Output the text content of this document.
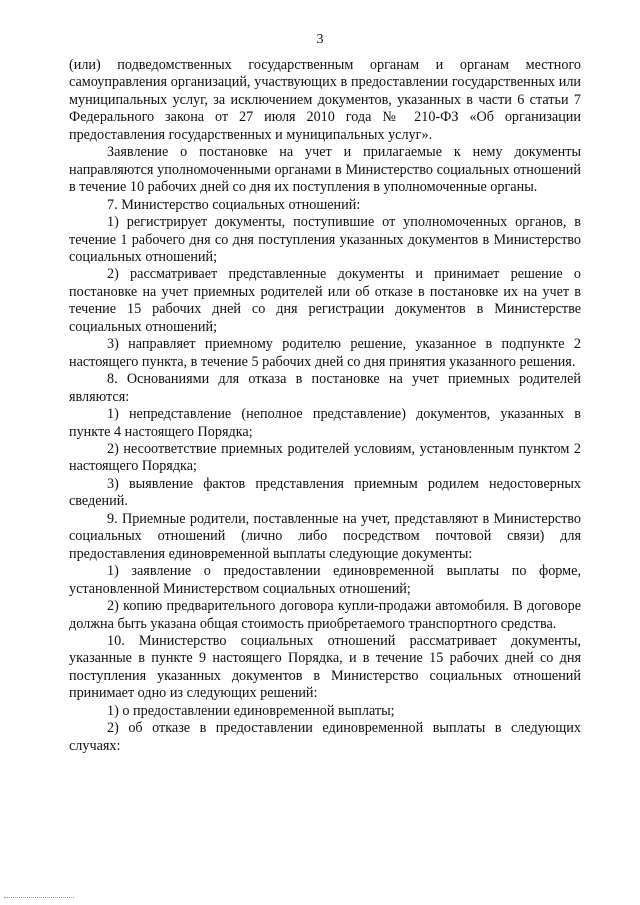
3

(или) подведомственных государственным органам и органам местного самоуправления организаций, участвующих в предоставлении государственных или муниципальных услуг, за исключением документов, указанных в части 6 статьи 7 Федерального закона от 27 июля 2010 года № 210-ФЗ «Об организации предоставления государственных и муниципальных услуг».

Заявление о постановке на учет и прилагаемые к нему документы направляются уполномоченными органами в Министерство социальных отношений в течение 10 рабочих дней со дня их поступления в уполномоченные органы.

7. Министерство социальных отношений:

1) регистрирует документы, поступившие от уполномоченных органов, в течение 1 рабочего дня со дня поступления указанных документов в Министерство социальных отношений;

2) рассматривает представленные документы и принимает решение о постановке на учет приемных родителей или об отказе в постановке их на учет в течение 15 рабочих дней со дня регистрации документов в Министерстве социальных отношений;

3) направляет приемному родителю решение, указанное в подпункте 2 настоящего пункта, в течение 5 рабочих дней со дня принятия указанного решения.

8. Основаниями для отказа в постановке на учет приемных родителей являются:

1) непредставление (неполное представление) документов, указанных в пункте 4 настоящего Порядка;

2) несоответствие приемных родителей условиям, установленным пунктом 2 настоящего Порядка;

3) выявление фактов представления приемным родилем недостоверных сведений.

9. Приемные родители, поставленные на учет, представляют в Министерство социальных отношений (лично либо посредством почтовой связи) для предоставления единовременной выплаты следующие документы:

1) заявление о предоставлении единовременной выплаты по форме, установленной Министерством социальных отношений;

2) копию предварительного договора купли-продажи автомобиля. В договоре должна быть указана общая стоимость приобретаемого транспортного средства.

10. Министерство социальных отношений рассматривает документы, указанные в пункте 9 настоящего Порядка, и в течение 15 рабочих дней со дня поступления указанных документов в Министерство социальных отношений принимает одно из следующих решений:

1) о предоставлении единовременной выплаты;

2) об отказе в предоставлении единовременной выплаты в следующих случаях:
